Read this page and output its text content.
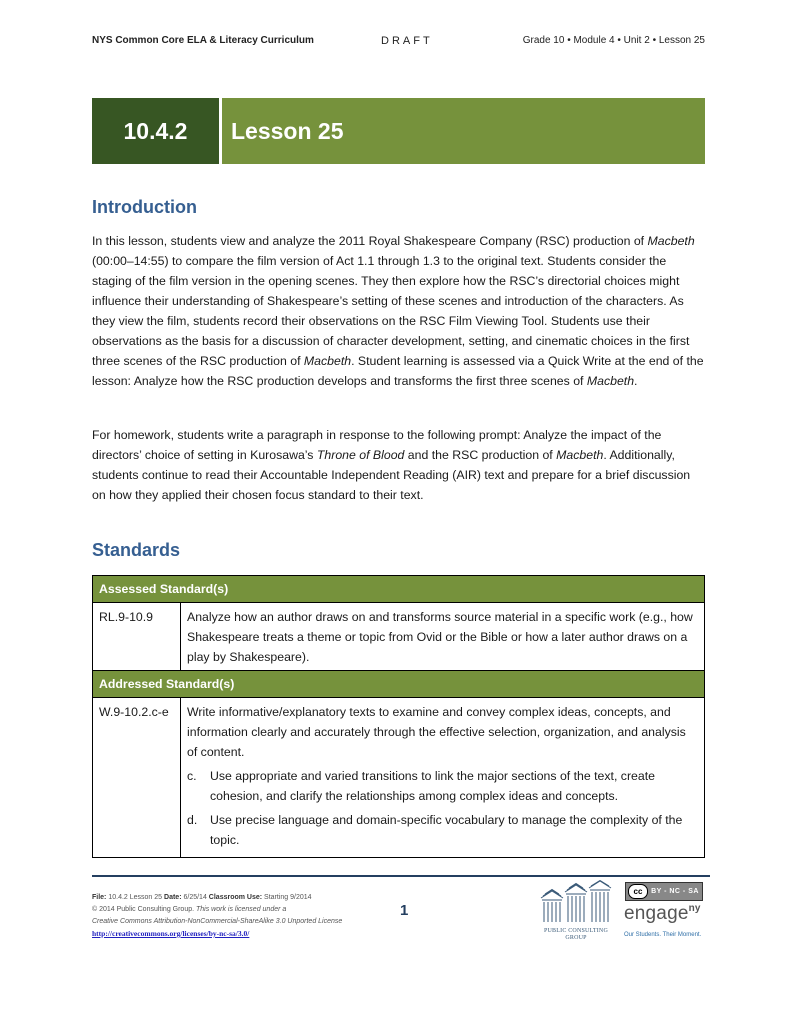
NYS Common Core ELA & Literacy Curriculum	DRAFT	Grade 10 • Module 4 • Unit 2 • Lesson 25
10.4.2	Lesson 25
Introduction
In this lesson, students view and analyze the 2011 Royal Shakespeare Company (RSC) production of Macbeth (00:00–14:55) to compare the film version of Act 1.1 through 1.3 to the original text. Students consider the staging of the film version in the opening scenes. They then explore how the RSC’s directorial choices might influence their understanding of Shakespeare’s setting of these scenes and introduction of the characters. As they view the film, students record their observations on the RSC Film Viewing Tool. Students use their observations as the basis for a discussion of character development, setting, and cinematic choices in the first three scenes of the RSC production of Macbeth. Student learning is assessed via a Quick Write at the end of the lesson: Analyze how the RSC production develops and transforms the first three scenes of Macbeth.
For homework, students write a paragraph in response to the following prompt: Analyze the impact of the directors’ choice of setting in Kurosawa’s Throne of Blood and the RSC production of Macbeth. Additionally, students continue to read their Accountable Independent Reading (AIR) text and prepare for a brief discussion on how they applied their chosen focus standard to their text.
Standards
Assessed Standard(s)	
RL.9-10.9	Analyze how an author draws on and transforms source material in a specific work (e.g., how Shakespeare treats a theme or topic from Ovid or the Bible or how a later author draws on a play by Shakespeare).

Addressed Standard(s)	
W.9-10.2.c-e	Write informative/explanatory texts to examine and convey complex ideas, concepts, and information clearly and accurately through the effective selection, organization, and analysis of content.
c.	Use appropriate and varied transitions to link the major sections of the text, create cohesion, and clarify the relationships among complex ideas and concepts.
d.	Use precise language and domain-specific vocabulary to manage the complexity of the topic.
File: 10.4.2 Lesson 25 Date: 6/25/14 Classroom Use: Starting 9/2014
© 2014 Public Consulting Group. This work is licensed under a
Creative Commons Attribution-NonCommercial-ShareAlike 3.0 Unported License
http://creativecommons.org/licenses/by-nc-sa/3.0/
1
PUBLIC CONSULTING
GROUP
cc	BY - NC - SA
engage$^{ny}$
Our Students. Their Moment.
